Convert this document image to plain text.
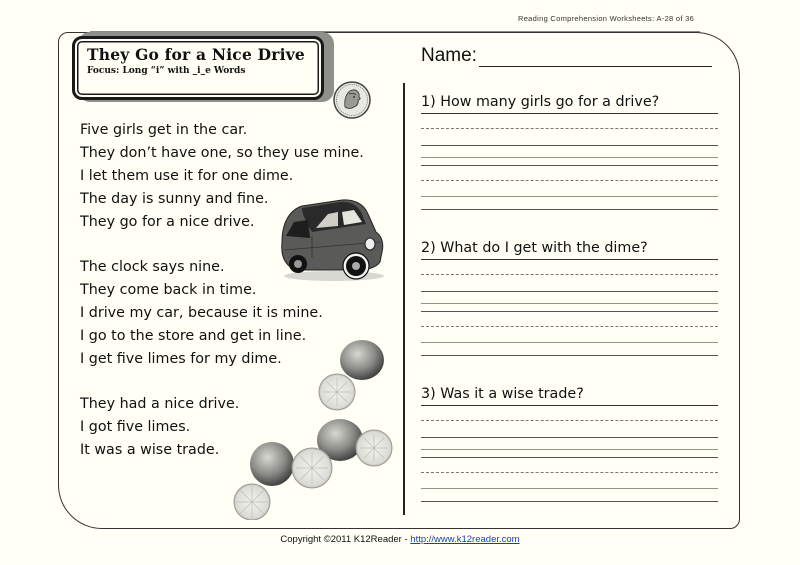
Reading Comprehension Worksheets: A-28 of 36
They Go for a Nice Drive
Focus: Long “i” with _i_e Words
Five girls get in the car.
They don’t have one, so they use mine.
I let them use it for one dime.
The day is sunny and fine.
They go for a nice drive.
The clock says nine.
They come back in time.
I drive my car, because it is mine.
I go to the store and get in line.
I get five limes for my dime.
They had a nice drive.
I got five limes.
It was a wise trade.
Name:
1) How many girls go for a drive?
2) What do I get with the dime?
3) Was it a wise trade?
Copyright ©2011 K12Reader - http://www.k12reader.com
